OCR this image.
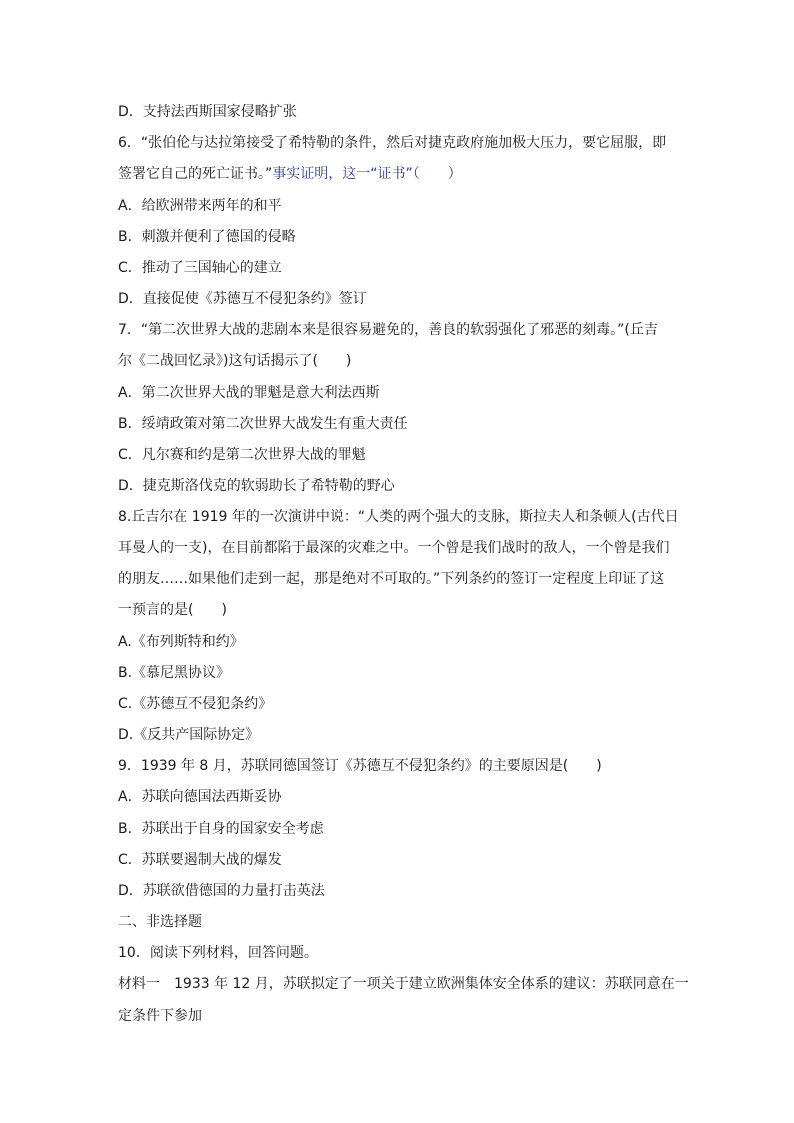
D．支持法西斯国家侵略扩张
6．“张伯伦与达拉第接受了希特勒的条件，然后对捷克政府施加极大压力，要它屈服，即
签署它自己的死亡证书。”事实证明，这一“证书”（　　）
A．给欧洲带来两年的和平
B．刺激并便利了德国的侵略
C．推动了三国轴心的建立
D．直接促使《苏德互不侵犯条约》签订
7．“第二次世界大战的悲剧本来是很容易避免的，善良的软弱强化了邪恶的刻毒。”(丘吉
尔《二战回忆录》)这句话揭示了(　　)
A．第二次世界大战的罪魁是意大利法西斯
B．绥靖政策对第二次世界大战发生有重大责任
C．凡尔赛和约是第二次世界大战的罪魁
D．捷克斯洛伐克的软弱助长了希特勒的野心
8.丘吉尔在 1919 年的一次演讲中说：“人类的两个强大的支脉，斯拉夫人和条顿人(古代日
耳曼人的一支)，在目前都陷于最深的灾难之中。一个曾是我们战时的敌人，一个曾是我们
的朋友……如果他们走到一起，那是绝对不可取的。”下列条约的签订一定程度上印证了这
一预言的是(　　)
A.《布列斯特和约》
B.《慕尼黑协议》
C.《苏德互不侵犯条约》
D.《反共产国际协定》
9．1939 年 8 月，苏联同德国签订《苏德互不侵犯条约》的主要原因是(　　)
A．苏联向德国法西斯妥协
B．苏联出于自身的国家安全考虑
C．苏联要遏制大战的爆发
D．苏联欲借德国的力量打击英法
二、非选择题
10．阅读下列材料，回答问题。
材料一　1933 年 12 月，苏联拟定了一项关于建立欧洲集体安全体系的建议：苏联同意在一
定条件下参加
